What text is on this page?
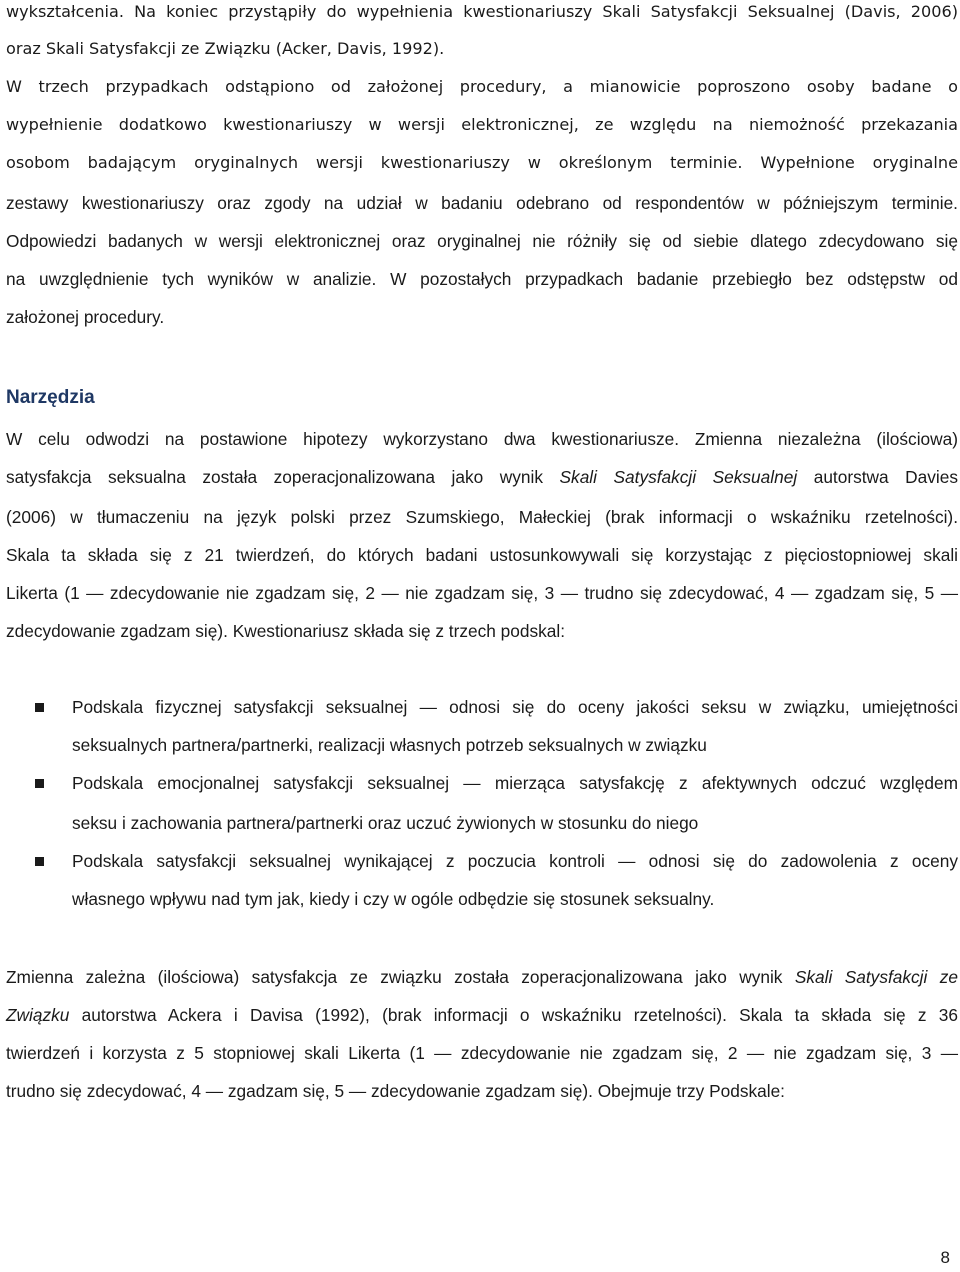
wykształcenia. Na koniec przystąpiły do wypełnienia kwestionariuszy Skali Satysfakcji Seksualnej (Davis, 2006)
oraz Skali Satysfakcji ze Związku (Acker, Davis, 1992).
W trzech przypadkach odstąpiono od założonej procedury, a mianowicie poproszono osoby badane o
wypełnienie dodatkowo kwestionariuszy w wersji elektronicznej, ze względu na niemożność przekazania
osobom badającym oryginalnych wersji kwestionariuszy w określonym terminie. Wypełnione oryginalne
zestawy kwestionariuszy oraz zgody na udział w badaniu odebrano od respondentów w późniejszym terminie.
Odpowiedzi badanych w wersji elektronicznej oraz oryginalnej nie różniły się od siebie dlatego zdecydowano się
na uwzględnienie tych wyników w analizie. W pozostałych przypadkach badanie przebiegło bez odstępstw od
założonej procedury.
Narzędzia
W celu odwodzi na postawione hipotezy wykorzystano dwa kwestionariusze. Zmienna niezależna (ilościowa)
satysfakcja seksualna została zoperacjonalizowana jako wynik Skali Satysfakcji Seksualnej autorstwa Davies
(2006) w tłumaczeniu na język polski przez Szumskiego, Małeckiej (brak informacji o wskaźniku rzetelności).
Skala ta składa się z 21 twierdzeń, do których badani ustosunkowywali się korzystając z pięciostopniowej skali
Likerta (1 — zdecydowanie nie zgadzam się, 2 — nie zgadzam się, 3 — trudno się zdecydować, 4 — zgadzam się, 5 —
zdecydowanie zgadzam się). Kwestionariusz składa się z trzech podskal:
Podskala fizycznej satysfakcji seksualnej — odnosi się do oceny jakości seksu w związku, umiejętności
seksualnych partnera/partnerki, realizacji własnych potrzeb seksualnych w związku
Podskala emocjonalnej satysfakcji seksualnej — mierząca satysfakcję z afektywnych odczuć względem
seksu i zachowania partnera/partnerki oraz uczuć żywionych w stosunku do niego
Podskala satysfakcji seksualnej wynikającej z poczucia kontroli — odnosi się do zadowolenia z oceny
własnego wpływu nad tym jak, kiedy i czy w ogóle odbędzie się stosunek seksualny.
Zmienna zależna (ilościowa) satysfakcja ze związku została zoperacjonalizowana jako wynik Skali Satysfakcji ze
Związku autorstwa Ackera i Davisa (1992), (brak informacji o wskaźniku rzetelności). Skala ta składa się z 36
twierdzeń i korzysta z 5 stopniowej skali Likerta (1 — zdecydowanie nie zgadzam się, 2 — nie zgadzam się, 3 —
trudno się zdecydować, 4 — zgadzam się, 5 — zdecydowanie zgadzam się). Obejmuje trzy Podskale:
8
